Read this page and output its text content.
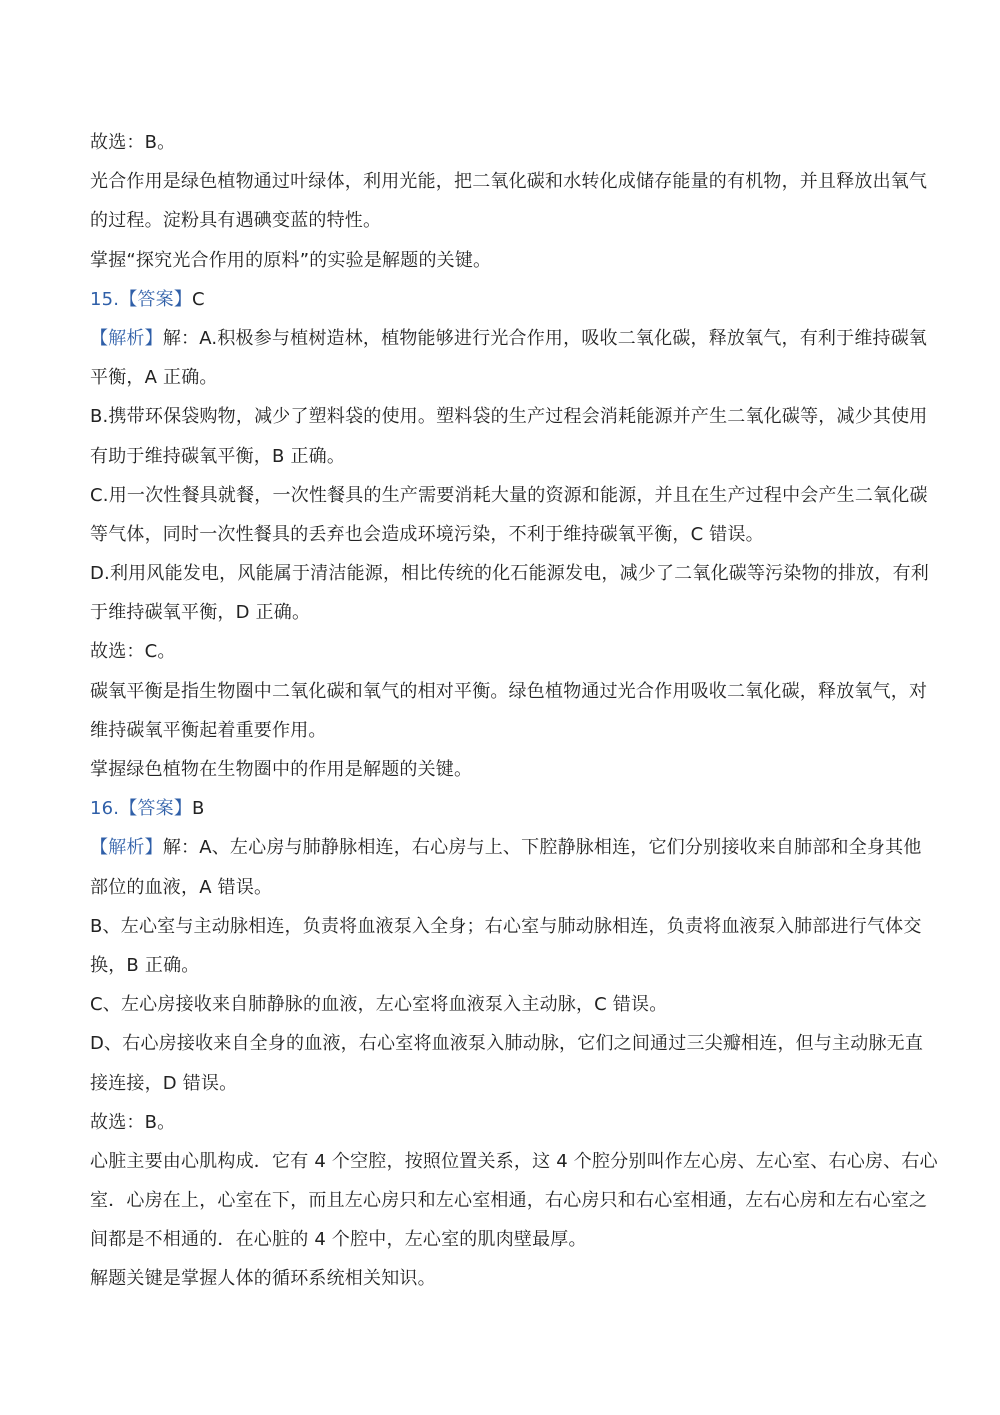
故选：B。
光合作用是绿色植物通过叶绿体，利用光能，把二氧化碳和水转化成储存能量的有机物，并且释放出氧气
的过程。淀粉具有遇碘变蓝的特性。
掌握“探究光合作用的原料”的实验是解题的关键。
15.【答案】C
【解析】解：A.积极参与植树造林，植物能够进行光合作用，吸收二氧化碳，释放氧气，有利于维持碳氧
平衡，A 正确。
B.携带环保袋购物，减少了塑料袋的使用。塑料袋的生产过程会消耗能源并产生二氧化碳等，减少其使用
有助于维持碳氧平衡，B 正确。
C.用一次性餐具就餐，一次性餐具的生产需要消耗大量的资源和能源，并且在生产过程中会产生二氧化碳
等气体，同时一次性餐具的丢弃也会造成环境污染，不利于维持碳氧平衡，C 错误。
D.利用风能发电，风能属于清洁能源，相比传统的化石能源发电，减少了二氧化碳等污染物的排放，有利
于维持碳氧平衡，D 正确。
故选：C。
碳氧平衡是指生物圈中二氧化碳和氧气的相对平衡。绿色植物通过光合作用吸收二氧化碳，释放氧气，对
维持碳氧平衡起着重要作用。
掌握绿色植物在生物圈中的作用是解题的关键。
16.【答案】B
【解析】解：A、左心房与肺静脉相连，右心房与上、下腔静脉相连，它们分别接收来自肺部和全身其他
部位的血液，A 错误。
B、左心室与主动脉相连，负责将血液泵入全身；右心室与肺动脉相连，负责将血液泵入肺部进行气体交
换，B 正确。
C、左心房接收来自肺静脉的血液，左心室将血液泵入主动脉，C 错误。
D、右心房接收来自全身的血液，右心室将血液泵入肺动脉，它们之间通过三尖瓣相连，但与主动脉无直
接连接，D 错误。
故选：B。
心脏主要由心肌构成．它有 4 个空腔，按照位置关系，这 4 个腔分别叫作左心房、左心室、右心房、右心
室．心房在上，心室在下，而且左心房只和左心室相通，右心房只和右心室相通，左右心房和左右心室之
间都是不相通的．在心脏的 4 个腔中，左心室的肌肉壁最厚。
解题关键是掌握人体的循环系统相关知识。
